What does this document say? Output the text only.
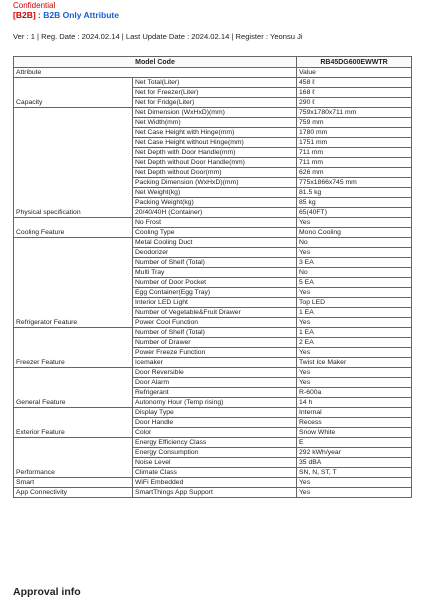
Confidential
[B2B] : B2B Only Attribute
Ver : 1 | Reg. Date : 2024.02.14 | Last Update Date : 2024.02.14 | Register : Yeonsu Ji
Model Code		RB45DG600EWWTR
Attribute		Value
Capacity	Net Total(Liter)	458 ℓ
	Net for Freezer(Liter)	168 ℓ
	Net for Fridge(Liter)	290 ℓ
Physical specification	Net Dimension (WxHxD)(mm)	759x1780x711 mm
	Net Width(mm)	759 mm
	Net Case Height with Hinge(mm)	1780 mm
	Net Case Height without Hinge(mm)	1751 mm
	Net Depth with Door Handle(mm)	711 mm
	Net Depth without Door Handle(mm)	711 mm
	Net Depth without Door(mm)	626 mm
	Packing Dimension (WxHxD)(mm)	775x1866x745 mm
	Net Weight(kg)	81.5 kg
	Packing Weight(kg)	85 kg
	20/40/40H (Container)	65(40FT)
Cooling Feature	No Frost	Yes
	Cooling Type	Mono Cooling
Refrigerator Feature	Metal Cooling Duct	No
	Deodorizer	Yes
	Number of Shelf (Total)	3 EA
	Multi Tray	No
	Number of Door Pocket	5 EA
	Egg Container(Egg Tray)	Yes
	Interior LED Light	Top LED
	Number of Vegetable&Fruit Drawer	1 EA
	Power Cool Function	Yes
Freezer Feature	Number of Shelf (Total)	1 EA
	Number of Drawer	2 EA
	Power Freeze Function	Yes
	Icemaker	Twist Ice Maker
General Feature	Door Reversible	Yes
	Door Alarm	Yes
	Refrigerant	R-600a
	Autonomy Hour (Temp rising)	14 h
Exterior Feature	Display Type	Internal
	Door Handle	Recess
	Color	Snow White
Performance	Energy Efficiency Class	E
	Energy Consumption	292 kWh/year
	Noise Level	35 dBA
	Climate Class	SN, N, ST, T
Smart	WiFi Embedded	Yes
App Connectivity	SmartThings App Support	Yes
Approval info
